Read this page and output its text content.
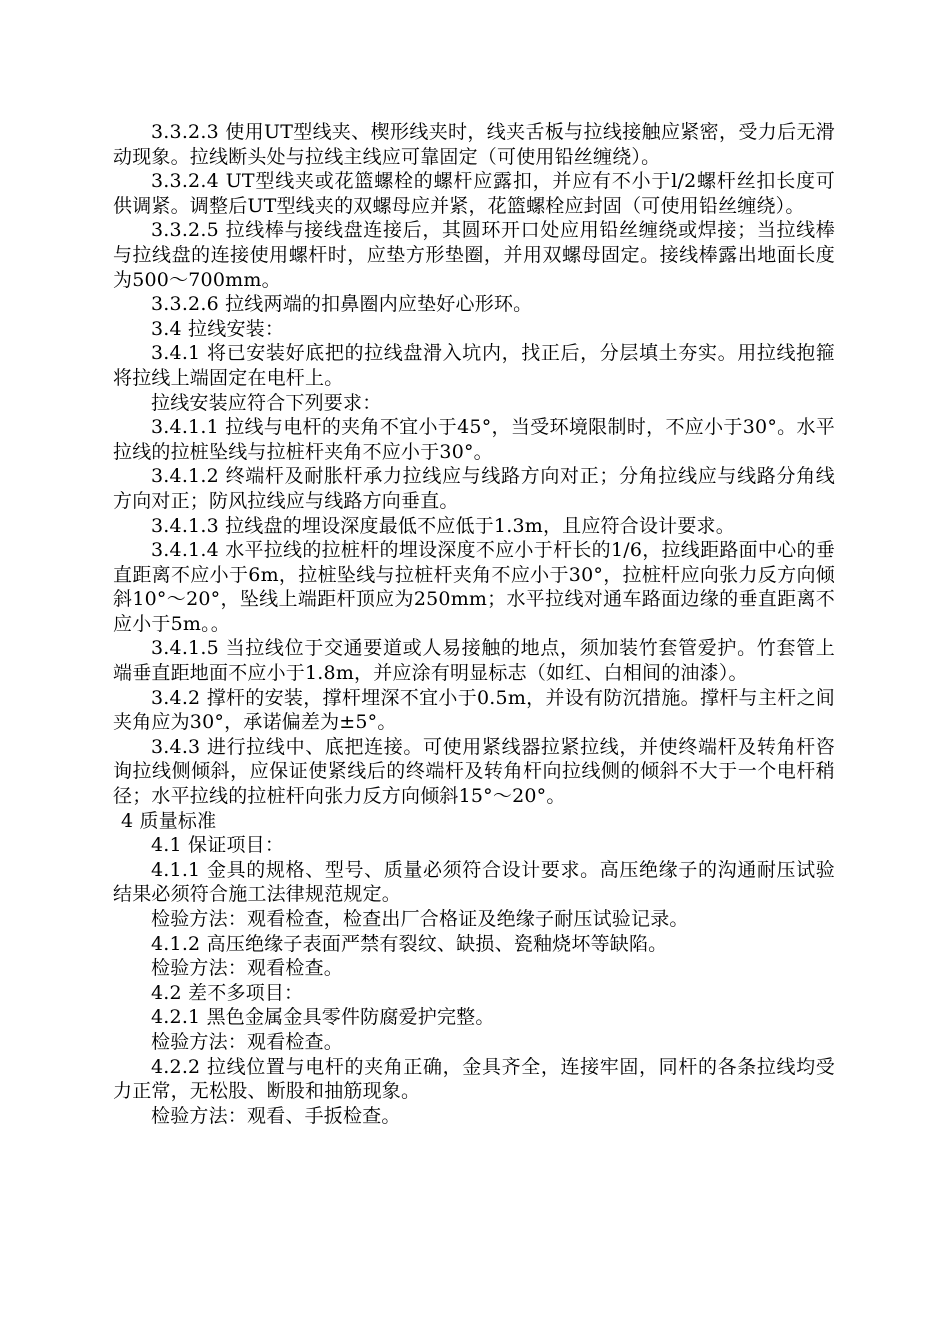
3.3.2.3 使用UT型线夹、楔形线夹时，线夹舌板与拉线接触应紧密，受力后无滑动现象。拉线断头处与拉线主线应可靠固定（可使用铅丝缠绕）。

3.3.2.4 UT型线夹或花篮螺栓的螺杆应露扣，并应有不小于l/2螺杆丝扣长度可供调紧。调整后UT型线夹的双螺母应并紧，花篮螺栓应封固（可使用铅丝缠绕）。

3.3.2.5 拉线棒与接线盘连接后，其圆环开口处应用铅丝缠绕或焊接；当拉线棒与拉线盘的连接使用螺杆时，应垫方形垫圈，并用双螺母固定。接线棒露出地面长度为500～700mm。

3.3.2.6 拉线两端的扣鼻圈内应垫好心形环。

3.4 拉线安装：

3.4.1 将已安装好底把的拉线盘滑入坑内，找正后，分层填土夯实。用拉线抱箍将拉线上端固定在电杆上。

拉线安装应符合下列要求：

3.4.1.1 拉线与电杆的夹角不宜小于45°，当受环境限制时，不应小于30°。水平拉线的拉桩坠线与拉桩杆夹角不应小于30°。

3.4.1.2 终端杆及耐胀杆承力拉线应与线路方向对正；分角拉线应与线路分角线方向对正；防风拉线应与线路方向垂直。

3.4.1.3 拉线盘的埋设深度最低不应低于1.3m，且应符合设计要求。

3.4.1.4 水平拉线的拉桩杆的埋设深度不应小于杆长的1/6，拉线距路面中心的垂直距离不应小于6m，拉桩坠线与拉桩杆夹角不应小于30°，拉桩杆应向张力反方向倾斜10°～20°，坠线上端距杆顶应为250mm；水平拉线对通车路面边缘的垂直距离不应小于5m。。

3.4.1.5 当拉线位于交通要道或人易接触的地点，须加装竹套管爱护。竹套管上端垂直距地面不应小于1.8m，并应涂有明显标志（如红、白相间的油漆）。

3.4.2 撑杆的安装，撑杆埋深不宜小于0.5m，并设有防沉措施。撑杆与主杆之间夹角应为30°，承诺偏差为±5°。

3.4.3 进行拉线中、底把连接。可使用紧线器拉紧拉线，并使终端杆及转角杆咨询拉线侧倾斜，应保证使紧线后的终端杆及转角杆向拉线侧的倾斜不大于一个电杆稍径；水平拉线的拉桩杆向张力反方向倾斜15°～20°。

4 质量标准

4.1 保证项目：

4.1.1 金具的规格、型号、质量必须符合设计要求。高压绝缘子的沟通耐压试验结果必须符合施工法律规范规定。

检验方法：观看检查，检查出厂合格证及绝缘子耐压试验记录。

4.1.2 高压绝缘子表面严禁有裂纹、缺损、瓷釉烧坏等缺陷。

检验方法：观看检查。

4.2 差不多项目：

4.2.1 黑色金属金具零件防腐爱护完整。

检验方法：观看检查。

4.2.2 拉线位置与电杆的夹角正确，金具齐全，连接牢固，同杆的各条拉线均受力正常，无松股、断股和抽筋现象。

检验方法：观看、手扳检查。
